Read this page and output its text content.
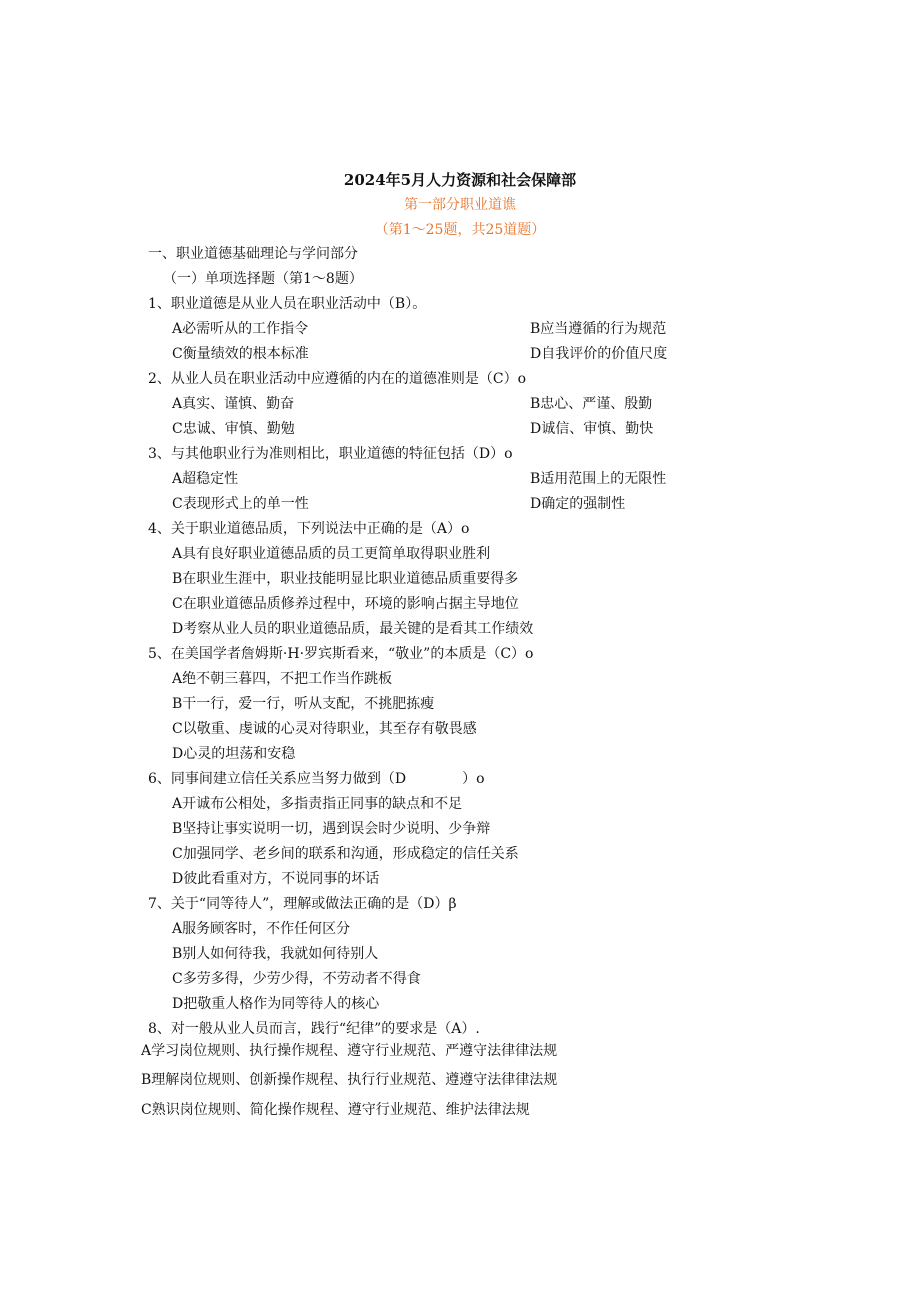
2024年5月人力资源和社会保障部
第一部分职业道谯
（第1〜25题，共25道题）
一、职业道德基础理论与学问部分
（一）单项选择题（第1〜8题）
1、职业道德是从业人员在职业活动中（B）。
A必需听从的工作指令	B应当遵循的行为规范
C衡量绩效的根本标准	D自我评价的价值尺度
2、从业人员在职业活动中应遵循的内在的道德准则是（C）o
A真实、谨慎、勤奋	B忠心、严谨、殷勤
C忠诚、审慎、勤勉	D诚信、审慎、勤快
3、与其他职业行为准则相比，职业道德的特征包括（D）o
A超稳定性	B适用范围上的无限性
C表现形式上的单一性	D确定的强制性
4、关于职业道德品质，下列说法中正确的是（A）o
A具有良好职业道德品质的员工更简单取得职业胜利
B在职业生涯中，职业技能明显比职业道德品质重要得多
C在职业道德品质修养过程中，环境的影响占据主导地位
D考察从业人员的职业道德品质，最关键的是看其工作绩效
5、在美国学者詹姆斯·H·罗宾斯看来，“敬业”的本质是（C）o
A绝不朝三暮四，不把工作当作跳板
B干一行，爱一行，听从支配，不挑肥拣瘦
C以敬重、虔诚的心灵对待职业，其至存有敬畏感
D心灵的坦荡和安稳
6、同事间建立信任关系应当努力做到（D　　　　）o
A开诚布公相处，多指责指正同事的缺点和不足
B坚持让事实说明一切，遇到误会时少说明、少争辩
C加强同学、老乡间的联系和沟通，形成稳定的信任关系
D彼此看重对方，不说同事的坏话
7、关于“同等待人”，理解或做法正确的是（D）β
A服务顾客时，不作任何区分
B别人如何待我，我就如何待别人
C多劳多得，少劳少得，不劳动者不得食
D把敬重人格作为同等待人的核心
8、对一般从业人员而言，践行“纪律”的要求是（A）.
A学习岗位规则、执行操作规程、遵守行业规范、严遵守法律律法规
B理解岗位规则、创新操作规程、执行行业规范、遵遵守法律律法规
C熟识岗位规则、简化操作规程、遵守行业规范、维护法律法规
